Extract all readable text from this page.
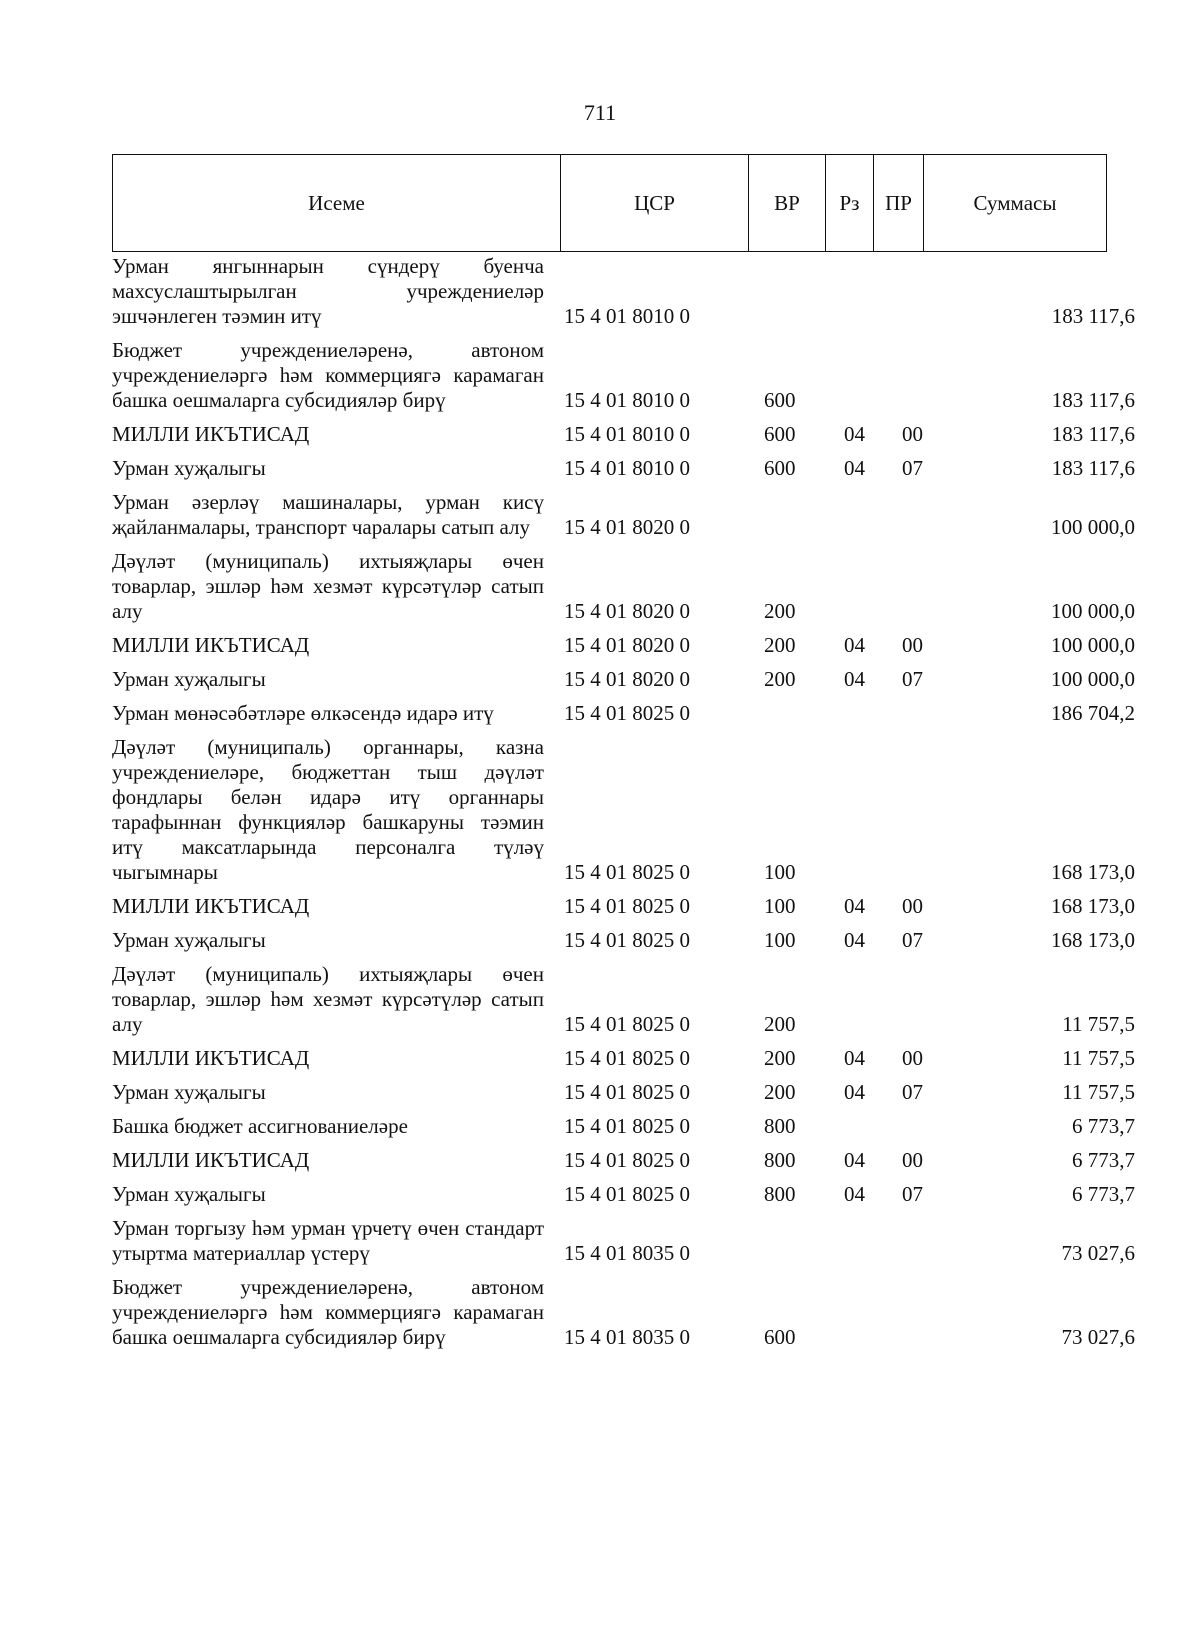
711
Исеме	ЦСР	ВР	Рз	ПР	Суммасы
Урман янгыннарын сүндерү буенча махсуслаштырылган учреждениеләр эшчәнлеген тәэмин итү	15 4 01 8010 0				183 117,6
Бюджет учреждениеләренә, автоном учреждениеләргә һәм коммерциягә карамаган башка оешмаларга субсидияләр бирү	15 4 01 8010 0	600			183 117,6
МИЛЛИ ИКЪТИСАД	15 4 01 8010 0	600	04	00	183 117,6
Урман хуҗалыгы	15 4 01 8010 0	600	04	07	183 117,6
Урман әзерләү машиналары, урман кисү җайланмалары, транспорт чаралары сатып алу	15 4 01 8020 0				100 000,0
Дәүләт (муниципаль) ихтыяҗлары өчен товарлар, эшләр һәм хезмәт күрсәтүләр сатып алу	15 4 01 8020 0	200			100 000,0
МИЛЛИ ИКЪТИСАД	15 4 01 8020 0	200	04	00	100 000,0
Урман хуҗалыгы	15 4 01 8020 0	200	04	07	100 000,0
Урман мөнәсәбәтләре өлкәсендә идарә итү	15 4 01 8025 0				186 704,2
Дәүләт (муниципаль) органнары, казна учреждениеләре, бюджеттан тыш дәүләт фондлары белән идарә итү органнары тарафыннан функцияләр башкаруны тәэмин итү максатларында персоналга түләү чыгымнары	15 4 01 8025 0	100			168 173,0
МИЛЛИ ИКЪТИСАД	15 4 01 8025 0	100	04	00	168 173,0
Урман хуҗалыгы	15 4 01 8025 0	100	04	07	168 173,0
Дәүләт (муниципаль) ихтыяҗлары өчен товарлар, эшләр һәм хезмәт күрсәтүләр сатып алу	15 4 01 8025 0	200			11 757,5
МИЛЛИ ИКЪТИСАД	15 4 01 8025 0	200	04	00	11 757,5
Урман хуҗалыгы	15 4 01 8025 0	200	04	07	11 757,5
Башка бюджет ассигнованиеләре	15 4 01 8025 0	800			6 773,7
МИЛЛИ ИКЪТИСАД	15 4 01 8025 0	800	04	00	6 773,7
Урман хуҗалыгы	15 4 01 8025 0	800	04	07	6 773,7
Урман торгызу һәм урман үрчетү өчен стандарт утыртма материаллар үстерү	15 4 01 8035 0				73 027,6
Бюджет учреждениеләренә, автоном учреждениеләргә һәм коммерциягә карамаган башка оешмаларга субсидияләр бирү	15 4 01 8035 0	600			73 027,6
